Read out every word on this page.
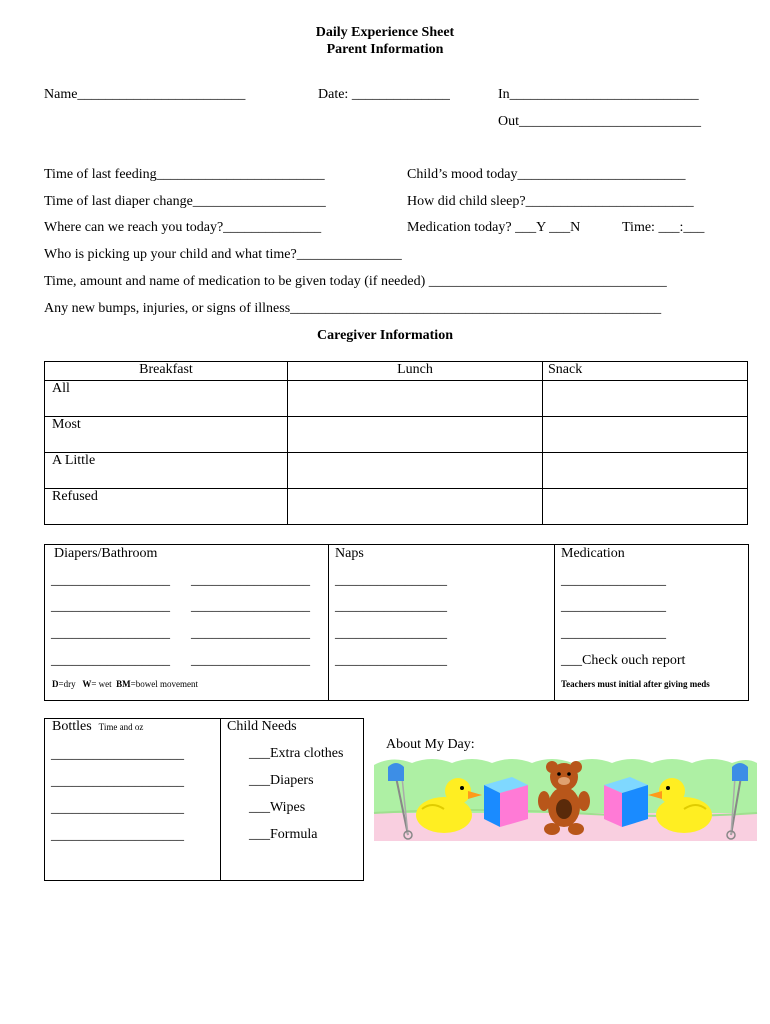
Daily Experience Sheet
Parent Information
Name________________________	Date: ______________	In___________________________
Out__________________________
Time of last feeding________________________	Child’s mood today________________________
Time of last diaper change___________________	How did child sleep?________________________
Where can we reach you today?______________	Medication today? ___Y ___N	Time: ___:___
Who is picking up your child and what time?_______________
Time, amount and name of medication to be given today (if needed) __________________________________
Any new bumps, injuries, or signs of illness_____________________________________________________
Caregiver Information
Breakfast	Lunch	Snack
All		
Most		
A Little		
Refused		
Diapers/Bathroom	Naps	Medication
_________________ _________________
_________________ _________________
_________________ _________________
_________________ _________________
D=dry W= wet BM=bowel movement
________________
________________
________________
________________
_______________
_______________
_______________
___Check ouch report
Teachers must initial after giving meds
Bottles Time and oz	Child Needs
___________________
___________________
___________________
___________________
___Extra clothes
___Diapers
___Wipes
___Formula
About My Day:
